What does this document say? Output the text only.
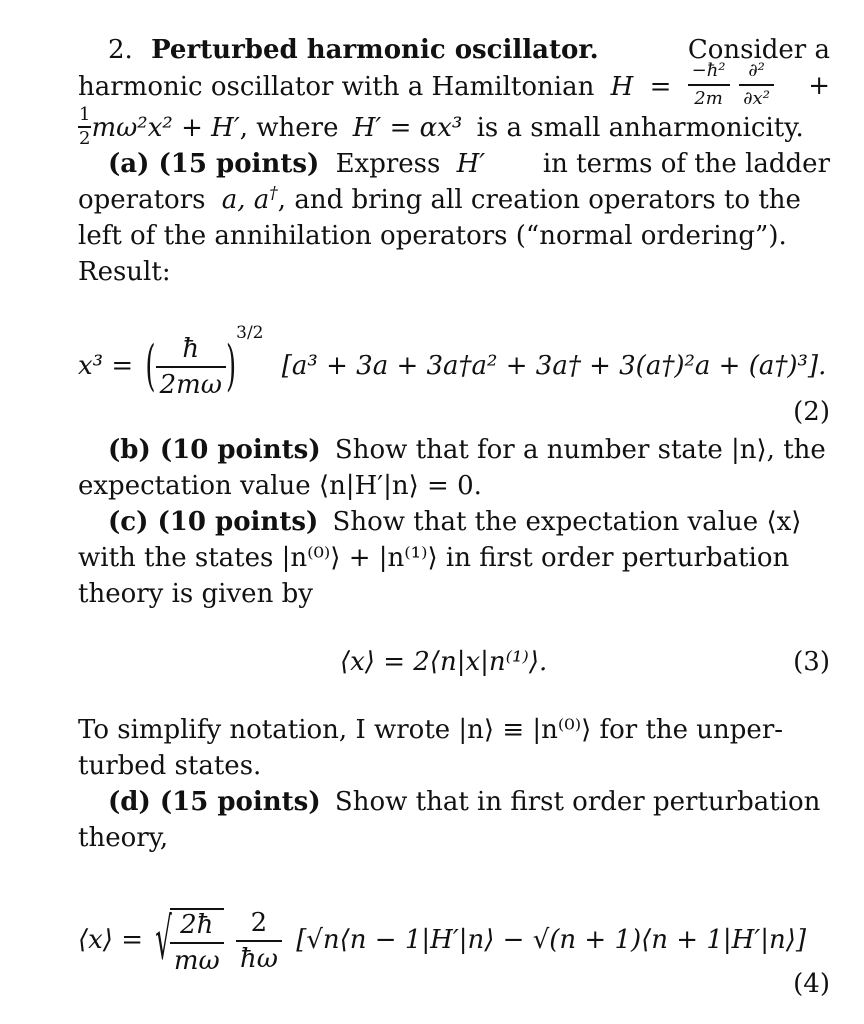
2. Perturbed harmonic oscillator.	Consider a
harmonic oscillator with a Hamiltonian $H = \frac{\text{−ħ²}}{2m}$
$\frac{\text{∂²}}{\text{∂x²}}$ +
$\frac{1}{2} m\omega^2x^2 + H'$, where H′ = αx³ is a small anharmonicity.
(a) (15 points) Express H′ in terms of the ladder
operators a, a†, and bring all creation operators to the
left of the annihilation operators (“normal ordering”).
Result:
x³ = ( $\frac{ħ}{2m\omega} )^{3/2}$ [a³ + 3a + 3a†a² + 3a† + 3(a†)²a + (a†)³].
(2)
(b) (10 points) Show that for a number state |n⟩, the
expectation value ⟨n|H′|n⟩ = 0.
(c) (10 points) Show that the expectation value ⟨x⟩
with the states |n⁽⁰⁾⟩ + |n⁽¹⁾⟩ in first order perturbation
theory is given by
⟨x⟩ = 2⟨n|x|n⁽¹⁾⟩.	(3)
To simplify notation, I wrote |n⟩ ≡ |n⁽⁰⁾⟩ for the unper-
turbed states.
(d) (15 points) Show that in first order perturbation
theory,
⟨x⟩ = √
$\frac{2ħ}{m\omega}$
$\frac{2}{ħ\omega}$ [√n⟨n − 1|H′|n⟩ − √(n + 1)⟨n + 1|H′|n⟩]
(4)
